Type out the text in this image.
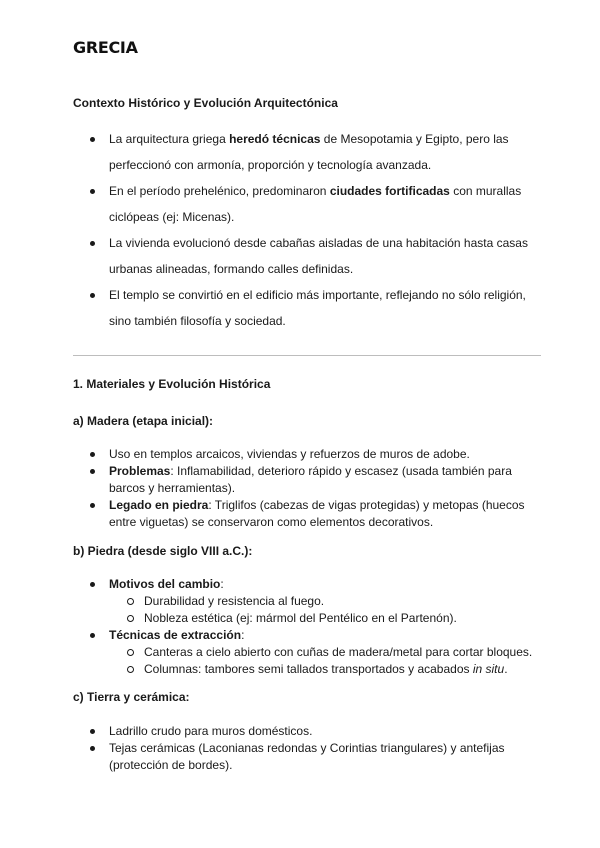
GRECIA

Contexto Histórico y Evolución Arquitectónica

La arquitectura griega heredó técnicas de Mesopotamia y Egipto, pero las perfeccionó con armonía, proporción y tecnología avanzada.
En el período prehelénico, predominaron ciudades fortificadas con murallas ciclópeas (ej: Micenas).
La vivienda evolucionó desde cabañas aisladas de una habitación hasta casas urbanas alineadas, formando calles definidas.
El templo se convirtió en el edificio más importante, reflejando no sólo religión, sino también filosofía y sociedad.

1. Materiales y Evolución Histórica

a) Madera (etapa inicial):

Uso en templos arcaicos, viviendas y refuerzos de muros de adobe.
Problemas: Inflamabilidad, deterioro rápido y escasez (usada también para barcos y herramientas).
Legado en piedra: Triglifos (cabezas de vigas protegidas) y metopas (huecos entre viguetas) se conservaron como elementos decorativos.

b) Piedra (desde siglo VIII a.C.):

Motivos del cambio:
Durabilidad y resistencia al fuego.
Nobleza estética (ej: mármol del Pentélico en el Partenón).
Técnicas de extracción:
Canteras a cielo abierto con cuñas de madera/metal para cortar bloques.
Columnas: tambores semi tallados transportados y acabados in situ.

c) Tierra y cerámica:

Ladrillo crudo para muros domésticos.
Tejas cerámicas (Laconianas redondas y Corintias triangulares) y antefijas (protección de bordes).
